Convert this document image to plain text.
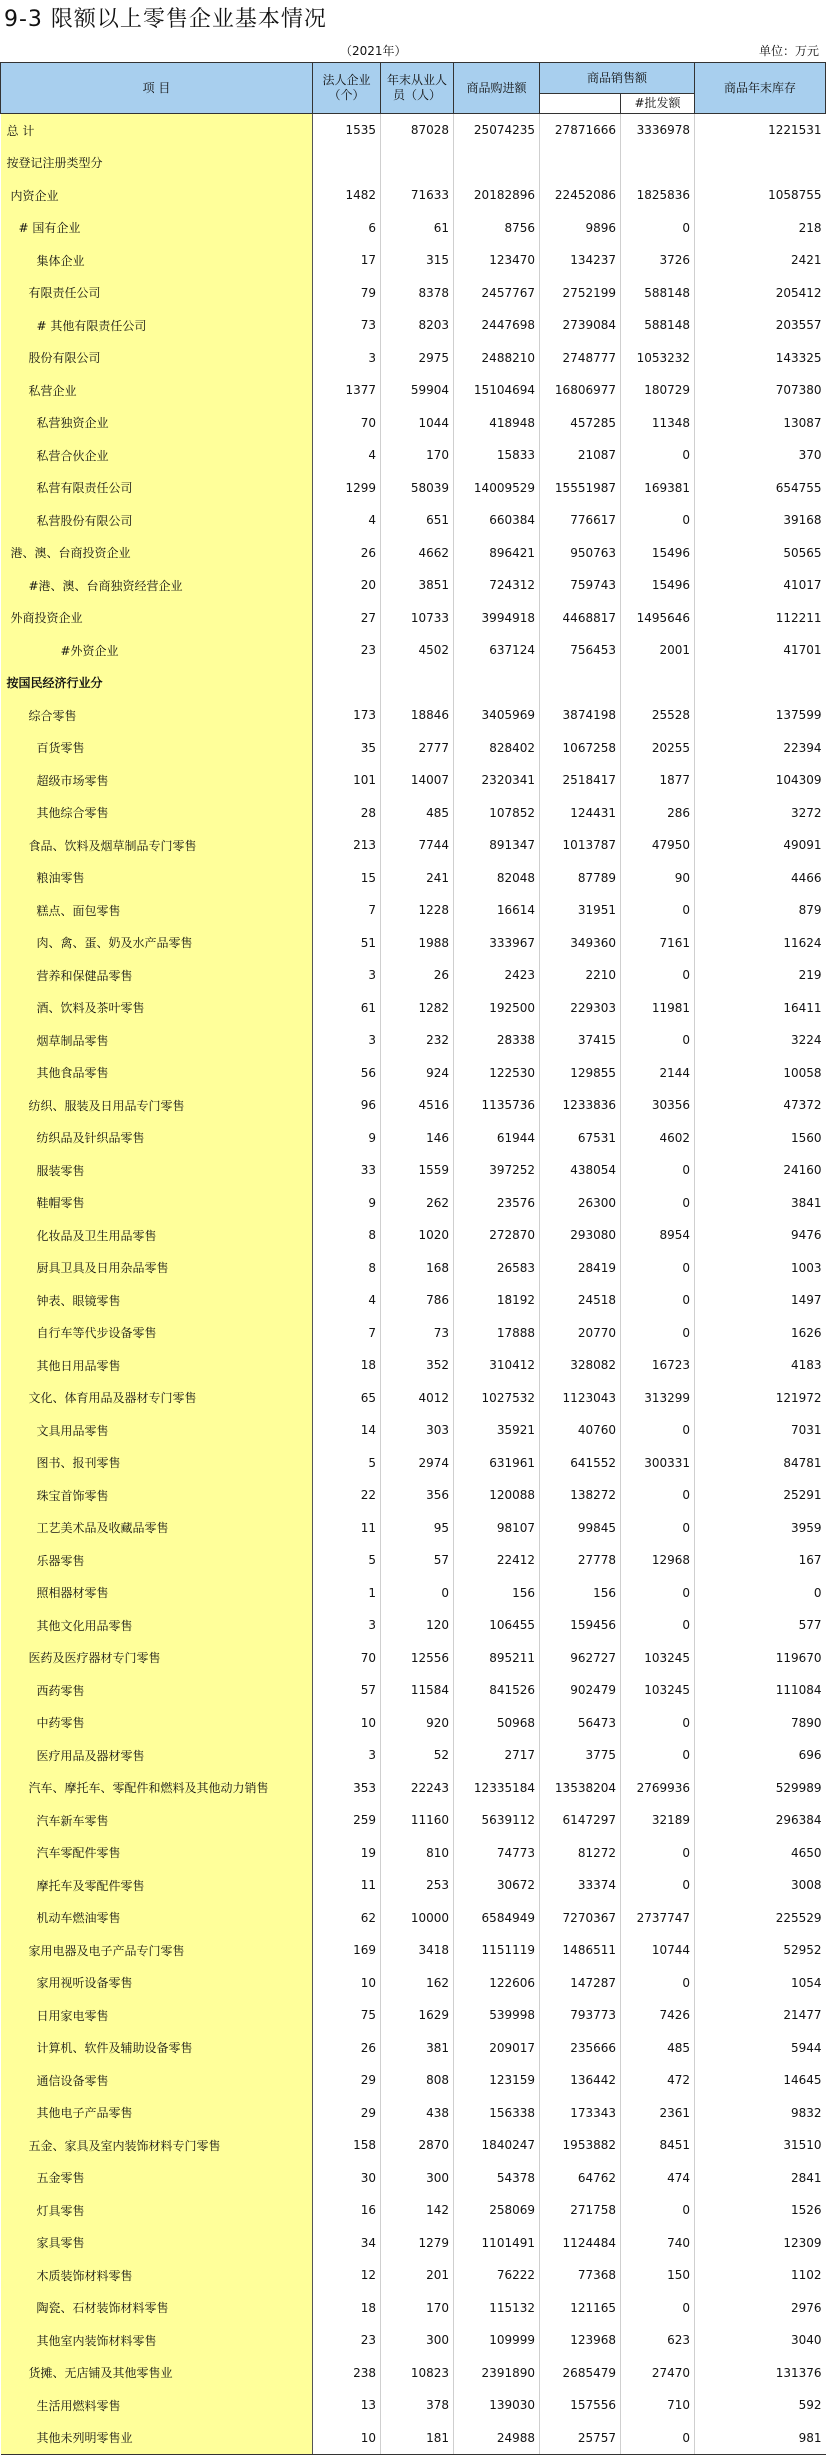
9-3 限额以上零售企业基本情况
（2021年）	单位：万元
项 目	法人企业（个）	年末从业人员（人）	商品购进额	商品销售额		商品年末库存
					#批发额	
总 计	1535	87028	25074235	27871666	3336978	1221531
按登记注册类型分						
内资企业	1482	71633	20182896	22452086	1825836	1058755
# 国有企业	6	61	8756	9896	0	218
集体企业	17	315	123470	134237	3726	2421
有限责任公司	79	8378	2457767	2752199	588148	205412
# 其他有限责任公司	73	8203	2447698	2739084	588148	203557
股份有限公司	3	2975	2488210	2748777	1053232	143325
私营企业	1377	59904	15104694	16806977	180729	707380
私营独资企业	70	1044	418948	457285	11348	13087
私营合伙企业	4	170	15833	21087	0	370
私营有限责任公司	1299	58039	14009529	15551987	169381	654755
私营股份有限公司	4	651	660384	776617	0	39168
港、澳、台商投资企业	26	4662	896421	950763	15496	50565
#港、澳、台商独资经营企业	20	3851	724312	759743	15496	41017
外商投资企业	27	10733	3994918	4468817	1495646	112211
#外资企业	23	4502	637124	756453	2001	41701
按国民经济行业分						
综合零售	173	18846	3405969	3874198	25528	137599
百货零售	35	2777	828402	1067258	20255	22394
超级市场零售	101	14007	2320341	2518417	1877	104309
其他综合零售	28	485	107852	124431	286	3272
食品、饮料及烟草制品专门零售	213	7744	891347	1013787	47950	49091
粮油零售	15	241	82048	87789	90	4466
糕点、面包零售	7	1228	16614	31951	0	879
肉、禽、蛋、奶及水产品零售	51	1988	333967	349360	7161	11624
营养和保健品零售	3	26	2423	2210	0	219
酒、饮料及茶叶零售	61	1282	192500	229303	11981	16411
烟草制品零售	3	232	28338	37415	0	3224
其他食品零售	56	924	122530	129855	2144	10058
纺织、服装及日用品专门零售	96	4516	1135736	1233836	30356	47372
纺织品及针织品零售	9	146	61944	67531	4602	1560
服装零售	33	1559	397252	438054	0	24160
鞋帽零售	9	262	23576	26300	0	3841
化妆品及卫生用品零售	8	1020	272870	293080	8954	9476
厨具卫具及日用杂品零售	8	168	26583	28419	0	1003
钟表、眼镜零售	4	786	18192	24518	0	1497
自行车等代步设备零售	7	73	17888	20770	0	1626
其他日用品零售	18	352	310412	328082	16723	4183
文化、体育用品及器材专门零售	65	4012	1027532	1123043	313299	121972
文具用品零售	14	303	35921	40760	0	7031
图书、报刊零售	5	2974	631961	641552	300331	84781
珠宝首饰零售	22	356	120088	138272	0	25291
工艺美术品及收藏品零售	11	95	98107	99845	0	3959
乐器零售	5	57	22412	27778	12968	167
照相器材零售	1	0	156	156	0	0
其他文化用品零售	3	120	106455	159456	0	577
医药及医疗器材专门零售	70	12556	895211	962727	103245	119670
西药零售	57	11584	841526	902479	103245	111084
中药零售	10	920	50968	56473	0	7890
医疗用品及器材零售	3	52	2717	3775	0	696
汽车、摩托车、零配件和燃料及其他动力销售	353	22243	12335184	13538204	2769936	529989
汽车新车零售	259	11160	5639112	6147297	32189	296384
汽车零配件零售	19	810	74773	81272	0	4650
摩托车及零配件零售	11	253	30672	33374	0	3008
机动车燃油零售	62	10000	6584949	7270367	2737747	225529
家用电器及电子产品专门零售	169	3418	1151119	1486511	10744	52952
家用视听设备零售	10	162	122606	147287	0	1054
日用家电零售	75	1629	539998	793773	7426	21477
计算机、软件及辅助设备零售	26	381	209017	235666	485	5944
通信设备零售	29	808	123159	136442	472	14645
其他电子产品零售	29	438	156338	173343	2361	9832
五金、家具及室内装饰材料专门零售	158	2870	1840247	1953882	8451	31510
五金零售	30	300	54378	64762	474	2841
灯具零售	16	142	258069	271758	0	1526
家具零售	34	1279	1101491	1124484	740	12309
木质装饰材料零售	12	201	76222	77368	150	1102
陶瓷、石材装饰材料零售	18	170	115132	121165	0	2976
其他室内装饰材料零售	23	300	109999	123968	623	3040
货摊、无店铺及其他零售业	238	10823	2391890	2685479	27470	131376
生活用燃料零售	13	378	139030	157556	710	592
其他未列明零售业	10	181	24988	25757	0	981
